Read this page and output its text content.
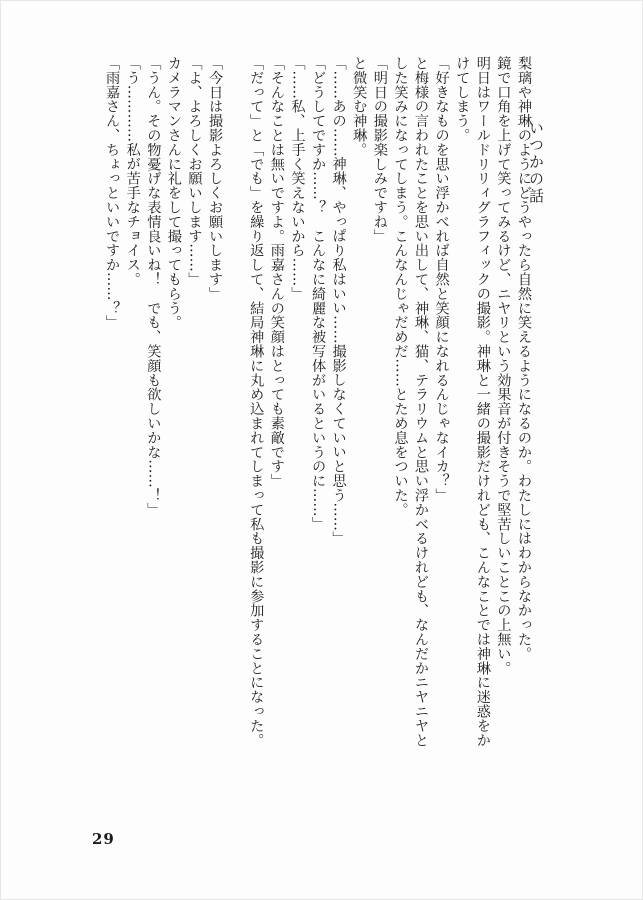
いつかの話
梨璃や神琳のようにどうやったら自然に笑えるようになるのか。わたしにはわからなかった。
鏡で口角を上げて笑ってみるけど、ニヤリという効果音が付きそうで堅苦しいことこの上無い。
明日はワールドリリィグラフィックの撮影。神琳と一緒の撮影だけれども、こんなことでは神琳に迷惑をか
けてしまう。
「好きなものを思い浮かべれば自然と笑顔になれるんじゃなイカ？」
と梅様の言われたことを思い出して、神琳、猫、テラリウムと思い浮かべるけれども、なんだかニヤニヤと
した笑みになってしまう。こんなんじゃだめだ……とため息をついた。
「明日の撮影楽しみですね」
と微笑む神琳。
「……あの……神琳、やっぱり私はいい……撮影しなくていいと思う……」
「どうしてですか……？　こんなに綺麗な被写体がいるというのに……」
「……私、上手く笑えないから……」
「そんなことは無いですよ。雨嘉さんの笑顔はとっても素敵です」
「だって」と「でも」を繰り返して、結局神琳に丸め込まれてしまって私も撮影に参加することになった。

「今日は撮影よろしくお願いします」
「よ、よろしくお願いします……」
カメラマンさんに礼をして撮ってもらう。
「うん。その物憂げな表情良いね！　でも、笑顔も欲しいかな……！」
「う…………私が苦手なチョイス。
「雨嘉さん、ちょっといいですか……？」
29
